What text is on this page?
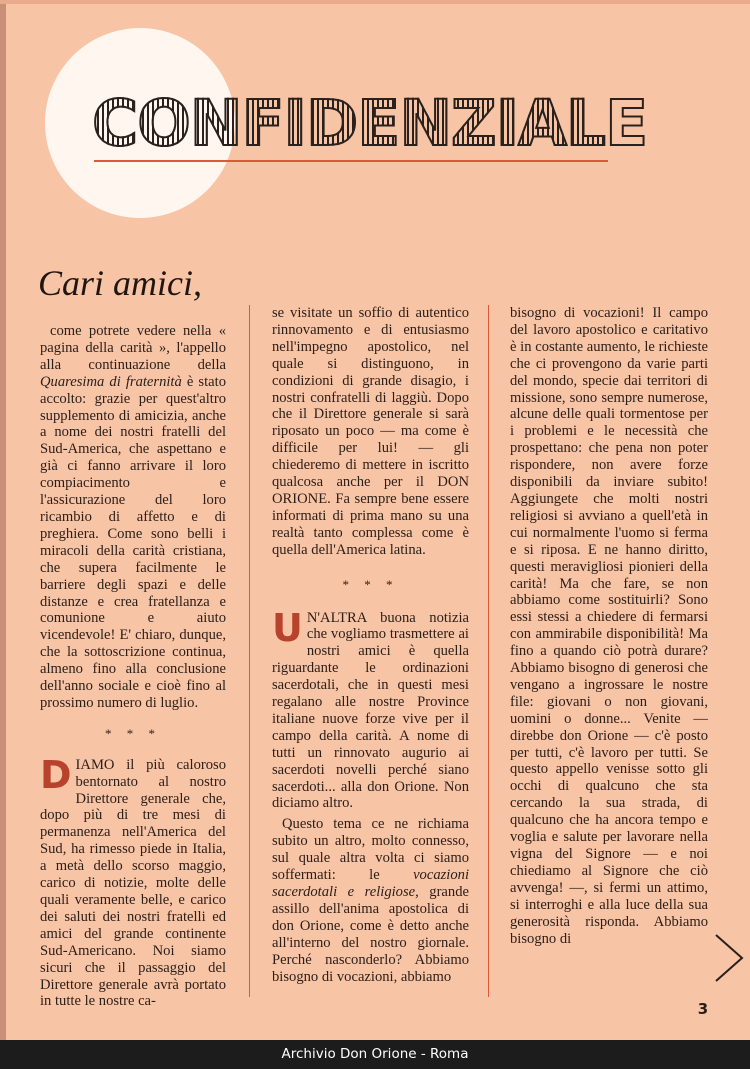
CONFIDENZIALE
Cari amici,

come potrete vedere nella « pagina della carità », l'appello alla continuazione della Quaresima di fraternità è stato accolto: grazie per quest'altro supplemento di amicizia, anche a nome dei nostri fratelli del Sud-America, che aspettano e già ci fanno arrivare il loro compiacimento e l'assicurazione del loro ricambio di affetto e di preghiera. Come sono belli i miracoli della carità cristiana, che supera facilmente le barriere degli spazi e delle distanze e crea fratellanza e comunione e aiuto vicendevole! E' chiaro, dunque, che la sottoscrizione continua, almeno fino alla conclusione dell'anno sociale e cioè fino al prossimo numero di luglio.

* * *

DIAMO il più caloroso bentornato al nostro Direttore generale che, dopo più di tre mesi di permanenza nell'America del Sud, ha rimesso piede in Italia, a metà dello scorso maggio, carico di notizie, molte delle quali veramente belle, e carico dei saluti dei nostri fratelli ed amici del grande continente Sud-Americano. Noi siamo sicuri che il passaggio del Direttore generale avrà portato in tutte le nostre ca-

se visitate un soffio di autentico rinnovamento e di entusiasmo nell'impegno apostolico, nel quale si distinguono, in condizioni di grande disagio, i nostri confratelli di laggiù. Dopo che il Direttore generale si sarà riposato un poco — ma come è difficile per lui! — gli chiederemo di mettere in iscritto qualcosa anche per il DON ORIONE. Fa sempre bene essere informati di prima mano su una realtà tanto complessa come è quella dell'America latina.

* * *

U N'ALTRA buona notizia che vogliamo trasmettere ai nostri amici è quella riguardante le ordinazioni sacerdotali, che in questi mesi regalano alle nostre Province italiane nuove forze vive per il campo della carità. A nome di tutti un rinnovato augurio ai sacerdoti novelli perché siano sacerdoti... alla don Orione. Non diciamo altro.

Questo tema ce ne richiama subito un altro, molto connesso, sul quale altra volta ci siamo soffermati: le vocazioni sacerdotali e religiose, grande assillo dell'anima apostolica di don Orione, come è detto anche all'interno del nostro giornale. Perché nasconderlo? Abbiamo bisogno di vocazioni, abbiamo

bisogno di vocazioni! Il campo del lavoro apostolico e caritativo è in costante aumento, le richieste che ci provengono da varie parti del mondo, specie dai territori di missione, sono sempre numerose, alcune delle quali tormentose per i problemi e le necessità che prospettano: che pena non poter rispondere, non avere forze disponibili da inviare subito! Aggiungete che molti nostri religiosi si avviano a quell'età in cui normalmente l'uomo si ferma e si riposa. E ne hanno diritto, questi meravigliosi pionieri della carità! Ma che fare, se non abbiamo come sostituirli? Sono essi stessi a chiedere di fermarsi con ammirabile disponibilità! Ma fino a quando ciò potrà durare? Abbiamo bisogno di generosi che vengano a ingrossare le nostre file: giovani o non giovani, uomini o donne... Venite — direbbe don Orione — c'è posto per tutti, c'è lavoro per tutti. Se questo appello venisse sotto gli occhi di qualcuno che sta cercando la sua strada, di qualcuno che ha ancora tempo e voglia e salute per lavorare nella vigna del Signore — e noi chiediamo al Signore che ciò avvenga! —, si fermi un attimo, si interroghi e alla luce della sua generosità risponda. Abbiamo bisogno di

3
Archivio Don Orione - Roma
